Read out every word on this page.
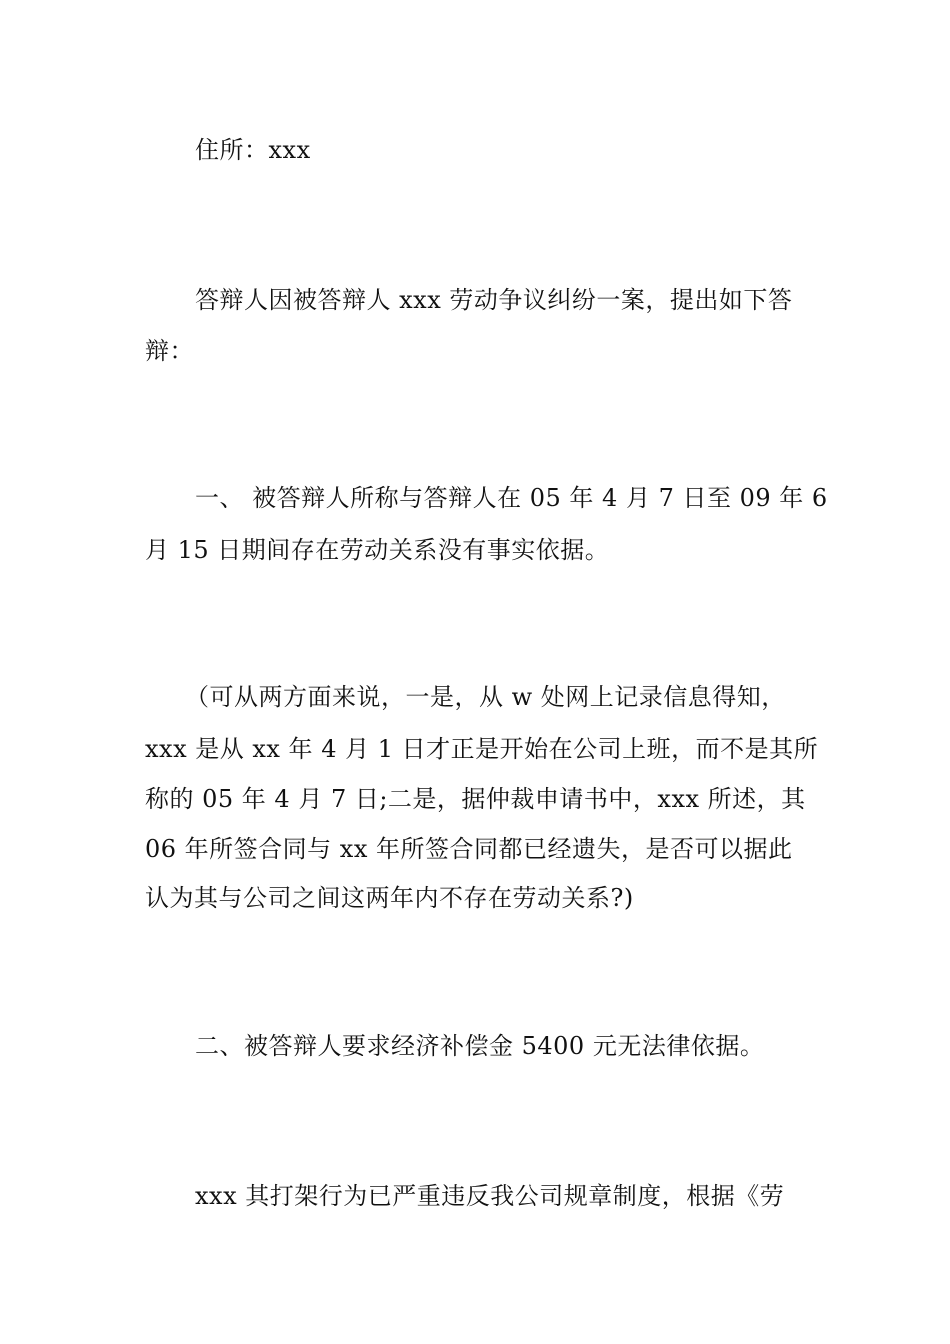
住所：xxx
答辩人因被答辩人 xxx 劳动争议纠纷一案，提出如下答
辩：
一、 被答辩人所称与答辩人在 05 年 4 月 7 日至 09 年 6
月 15 日期间存在劳动关系没有事实依据。
（可从两方面来说，一是，从 w 处网上记录信息得知，
xxx 是从 xx 年 4 月 1 日才正是开始在公司上班，而不是其所
称的 05 年 4 月 7 日;二是，据仲裁申请书中，xxx 所述，其
06 年所签合同与 xx 年所签合同都已经遗失，是否可以据此
认为其与公司之间这两年内不存在劳动关系?)
二、被答辩人要求经济补偿金 5400 元无法律依据。
xxx 其打架行为已严重违反我公司规章制度，根据《劳
